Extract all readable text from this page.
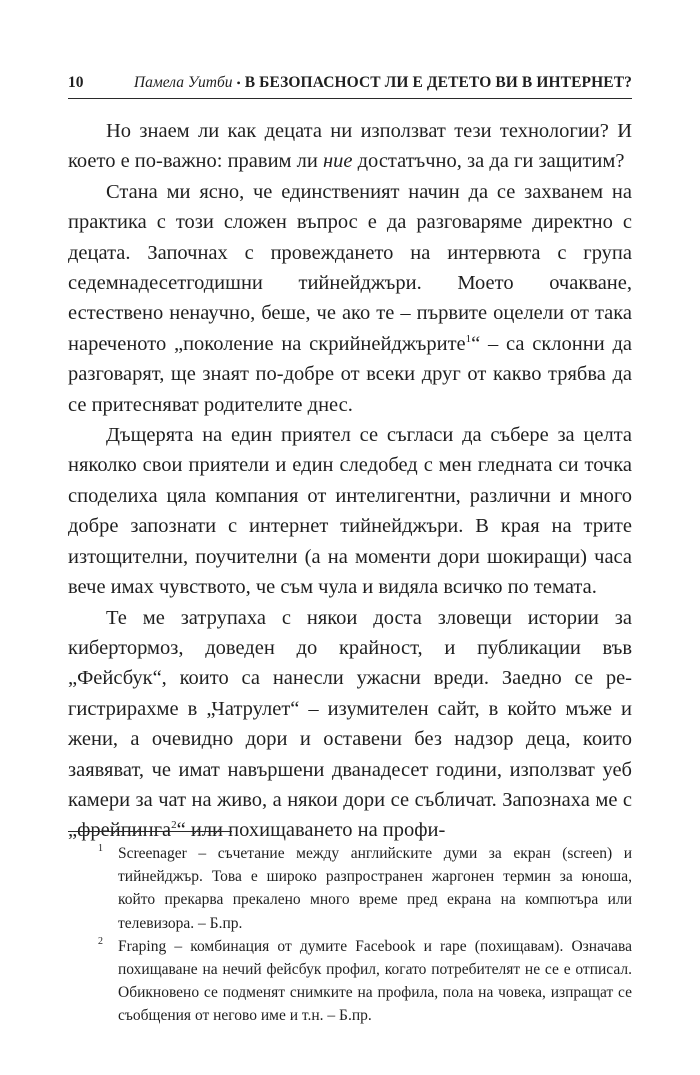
10	Памела Уитби • В БЕЗОПАСНОСТ ЛИ Е ДЕТЕТО ВИ В ИНТЕРНЕТ?

Но знаем ли как децата ни използват тези технологии? И което е по-важно: правим ли ние достатъчно, за да ги защитим?

Стана ми ясно, че единственият начин да се захванем на практика с този сложен въпрос е да разговаряме директно с децата. Започнах с провеждането на интервюта с група седемнадесетгодишни тийнейджъри. Моето очакване, естествено ненаучно, беше, че ако те – първите оцелели от така нареченото „поколение на скрийнейджърите$^1$“ – са склонни да разговарят, ще знаят по-добре от всеки друг от какво трябва да се притесняват родителите днес.

Дъщерята на един приятел се съгласи да събере за целта няколко свои приятели и един следобед с мен гледната си точка споделиха цяла компания от интелигентни, различни и много добре запознати с интернет тийнейджъри. В края на трите изтощителни, поучителни (а на моменти дори шокиращи) часа вече имах чувството, че съм чула и видяла всичко по темата.

Те ме затрупаха с някои доста зловещи истории за кибертормоз, доведен до крайност, и публикации във „Фейсбук“, които са нанесли ужасни вреди. Заедно се регистрирахме в „Чатрулет“ – изумителен сайт, в който мъже и жени, а очевидно дори и оставени без надзор деца, които заявяват, че имат навършени дванадесет години, използват уеб камери за чат на живо, а някои дори се събличат. Запознаха ме с „фрейпинга$^2$“ или похищаването на профи-

1 Screenager – съчетание между английските думи за екран (screen) и тийнейджър. Това е широко разпространен жаргонен термин за юноша, който прекарва прекалено много време пред екрана на компютъра или телевизора. – Б.пр.

2 Fraping – комбинация от думите Facebook и rape (похищавам). Означава похищаване на нечий фейсбук профил, когато потребителят не се е отписал. Обикновено се подменят снимките на профила, пола на човека, изпращат се съобщения от негово име и т.н. – Б.пр.
